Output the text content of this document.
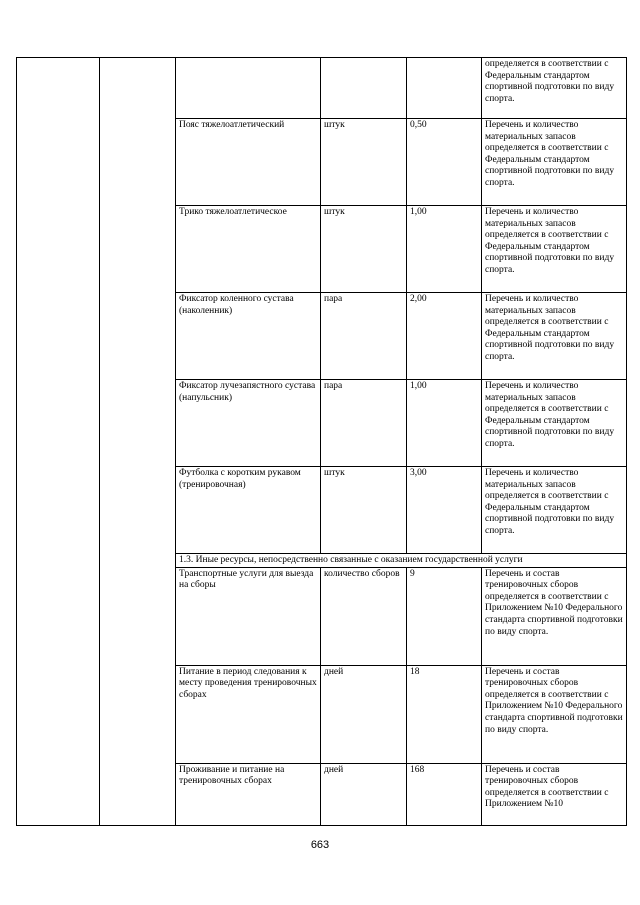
					определяется в соответствии с Федеральным стандартом спортивной подготовки по виду спорта.
		Пояс тяжелоатлетический	штук	0,50	Перечень и количество материальных запасов определяется в соответствии с Федеральным стандартом спортивной подготовки по виду спорта.
		Трико тяжелоатлетическое	штук	1,00	Перечень и количество материальных запасов определяется в соответствии с Федеральным стандартом спортивной подготовки по виду спорта.
		Фиксатор коленного сустава (наколенник)	пара	2,00	Перечень и количество материальных запасов определяется в соответствии с Федеральным стандартом спортивной подготовки по виду спорта.
		Фиксатор лучезапястного сустава (напульсник)	пара	1,00	Перечень и количество материальных запасов определяется в соответствии с Федеральным стандартом спортивной подготовки по виду спорта.
		Футболка с коротким рукавом (тренировочная)	штук	3,00	Перечень и количество материальных запасов определяется в соответствии с Федеральным стандартом спортивной подготовки по виду спорта.
		1.3. Иные ресурсы, непосредственно связанные с оказанием государственной услуги			
		Транспортные услуги для выезда на сборы	количество сборов	9	Перечень и состав тренировочных сборов определяется в соответствии с Приложением №10 Федерального стандарта спортивной подготовки по виду спорта.
		Питание в период следования к месту проведения тренировочных сборах	дней	18	Перечень и состав тренировочных сборов определяется в соответствии с Приложением №10 Федерального стандарта спортивной подготовки по виду спорта.
		Проживание и питание на тренировочных сборах	дней	168	Перечень и состав тренировочных сборов определяется в соответствии с Приложением №10
663
